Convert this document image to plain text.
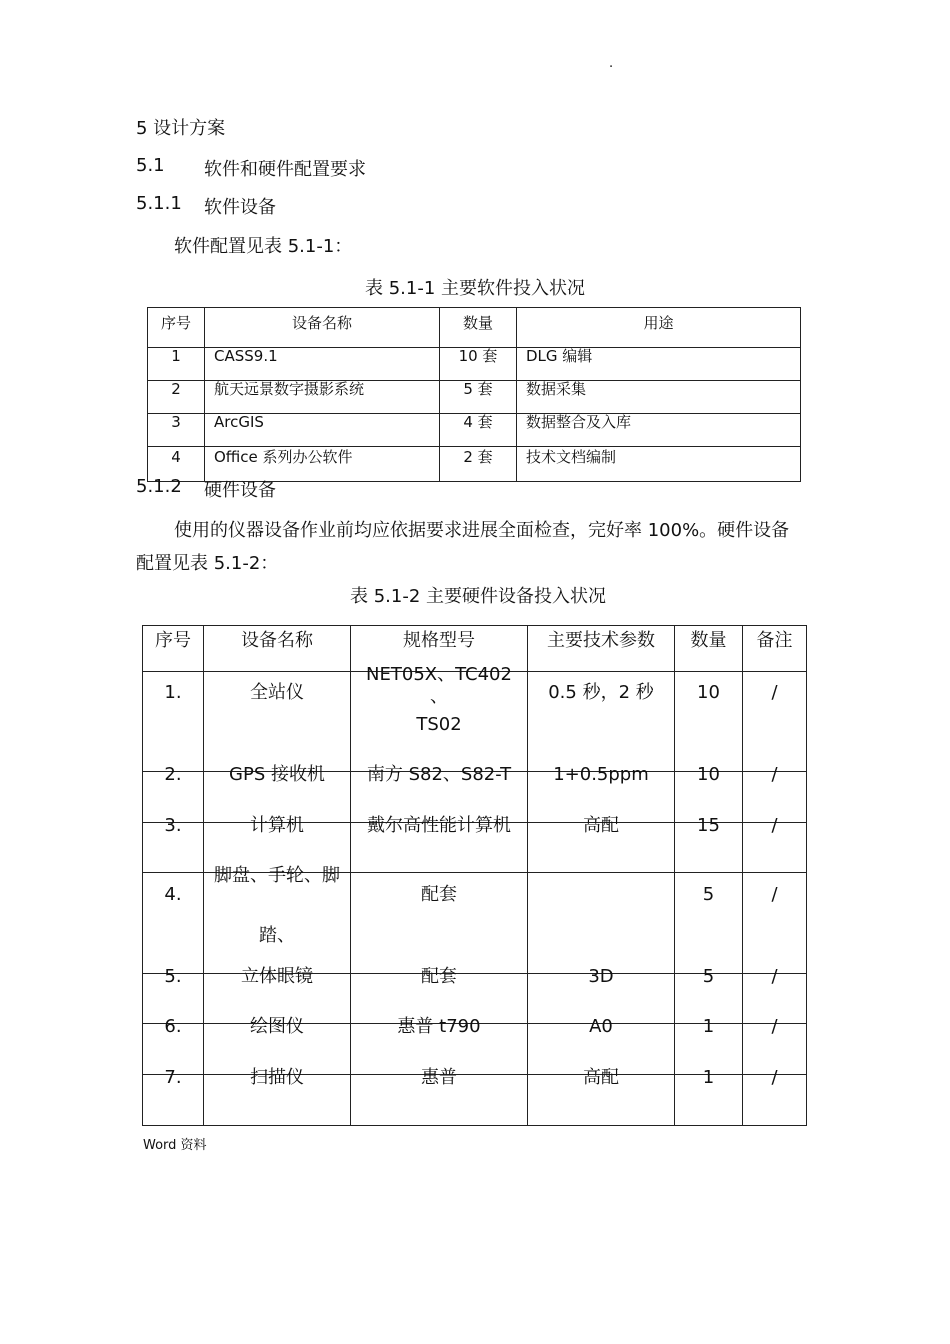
.
5 设计方案
5.1 软件和硬件配置要求
5.1.1 软件设备
软件配置见表 5.1-1：
表 5.1-1 主要软件投入状况
序号	设备名称	数量	用途
1	CASS9.1	10 套	DLG 编辑
2	航天远景数字摄影系统	5 套	数据采集
3	ArcGIS	4 套	数据整合及入库
4	Office 系列办公软件	2 套	技术文档编制
5.1.2 硬件设备
使用的仪器设备作业前均应依据要求进展全面检查，完好率 100%。硬件设备
配置见表 5.1-2：
表 5.1-2 主要硬件设备投入状况
序号	设备名称	规格型号	主要技术参数	数量	备注
1.	全站仪	NET05X、TC402
、
TS02	0.5 秒，2 秒	10	/

2.	GPS 接收机	南方 S82、S82-T	1+0.5ppm	10	/

3.	计算机	戴尔高性能计算机	高配	15	/

4.	脚盘、手轮、脚
踏、	配套		5	/

5.	立体眼镜	配套	3D	5	/

6.	绘图仪	惠普 t790	A0	1	/

7.	扫描仪	惠普	高配	1	/
Word 资料
